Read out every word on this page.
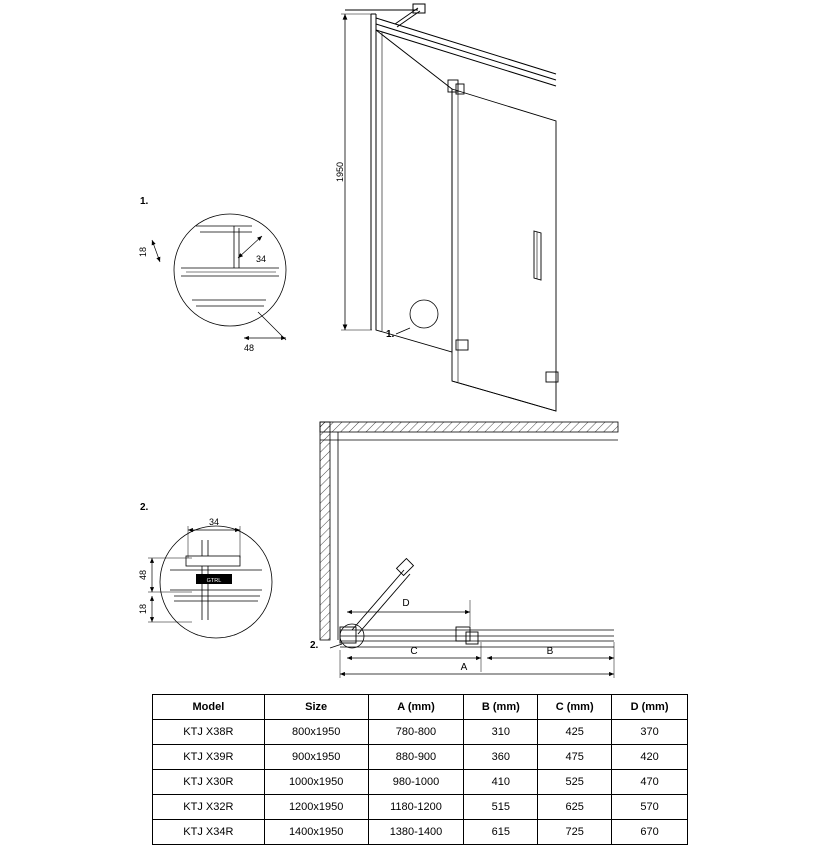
1950
1.
1.
18
34
48
2.
GTRL
34
48
18
2.
D
C	B
A
Model	Size	A (mm)	B (mm)	C (mm)	D (mm)
KTJ X38R	800x1950	780-800	310	425	370
KTJ X39R	900x1950	880-900	360	475	420
KTJ X30R	1000x1950	980-1000	410	525	470
KTJ X32R	1200x1950	1180-1200	515	625	570
KTJ X34R	1400x1950	1380-1400	615	725	670
